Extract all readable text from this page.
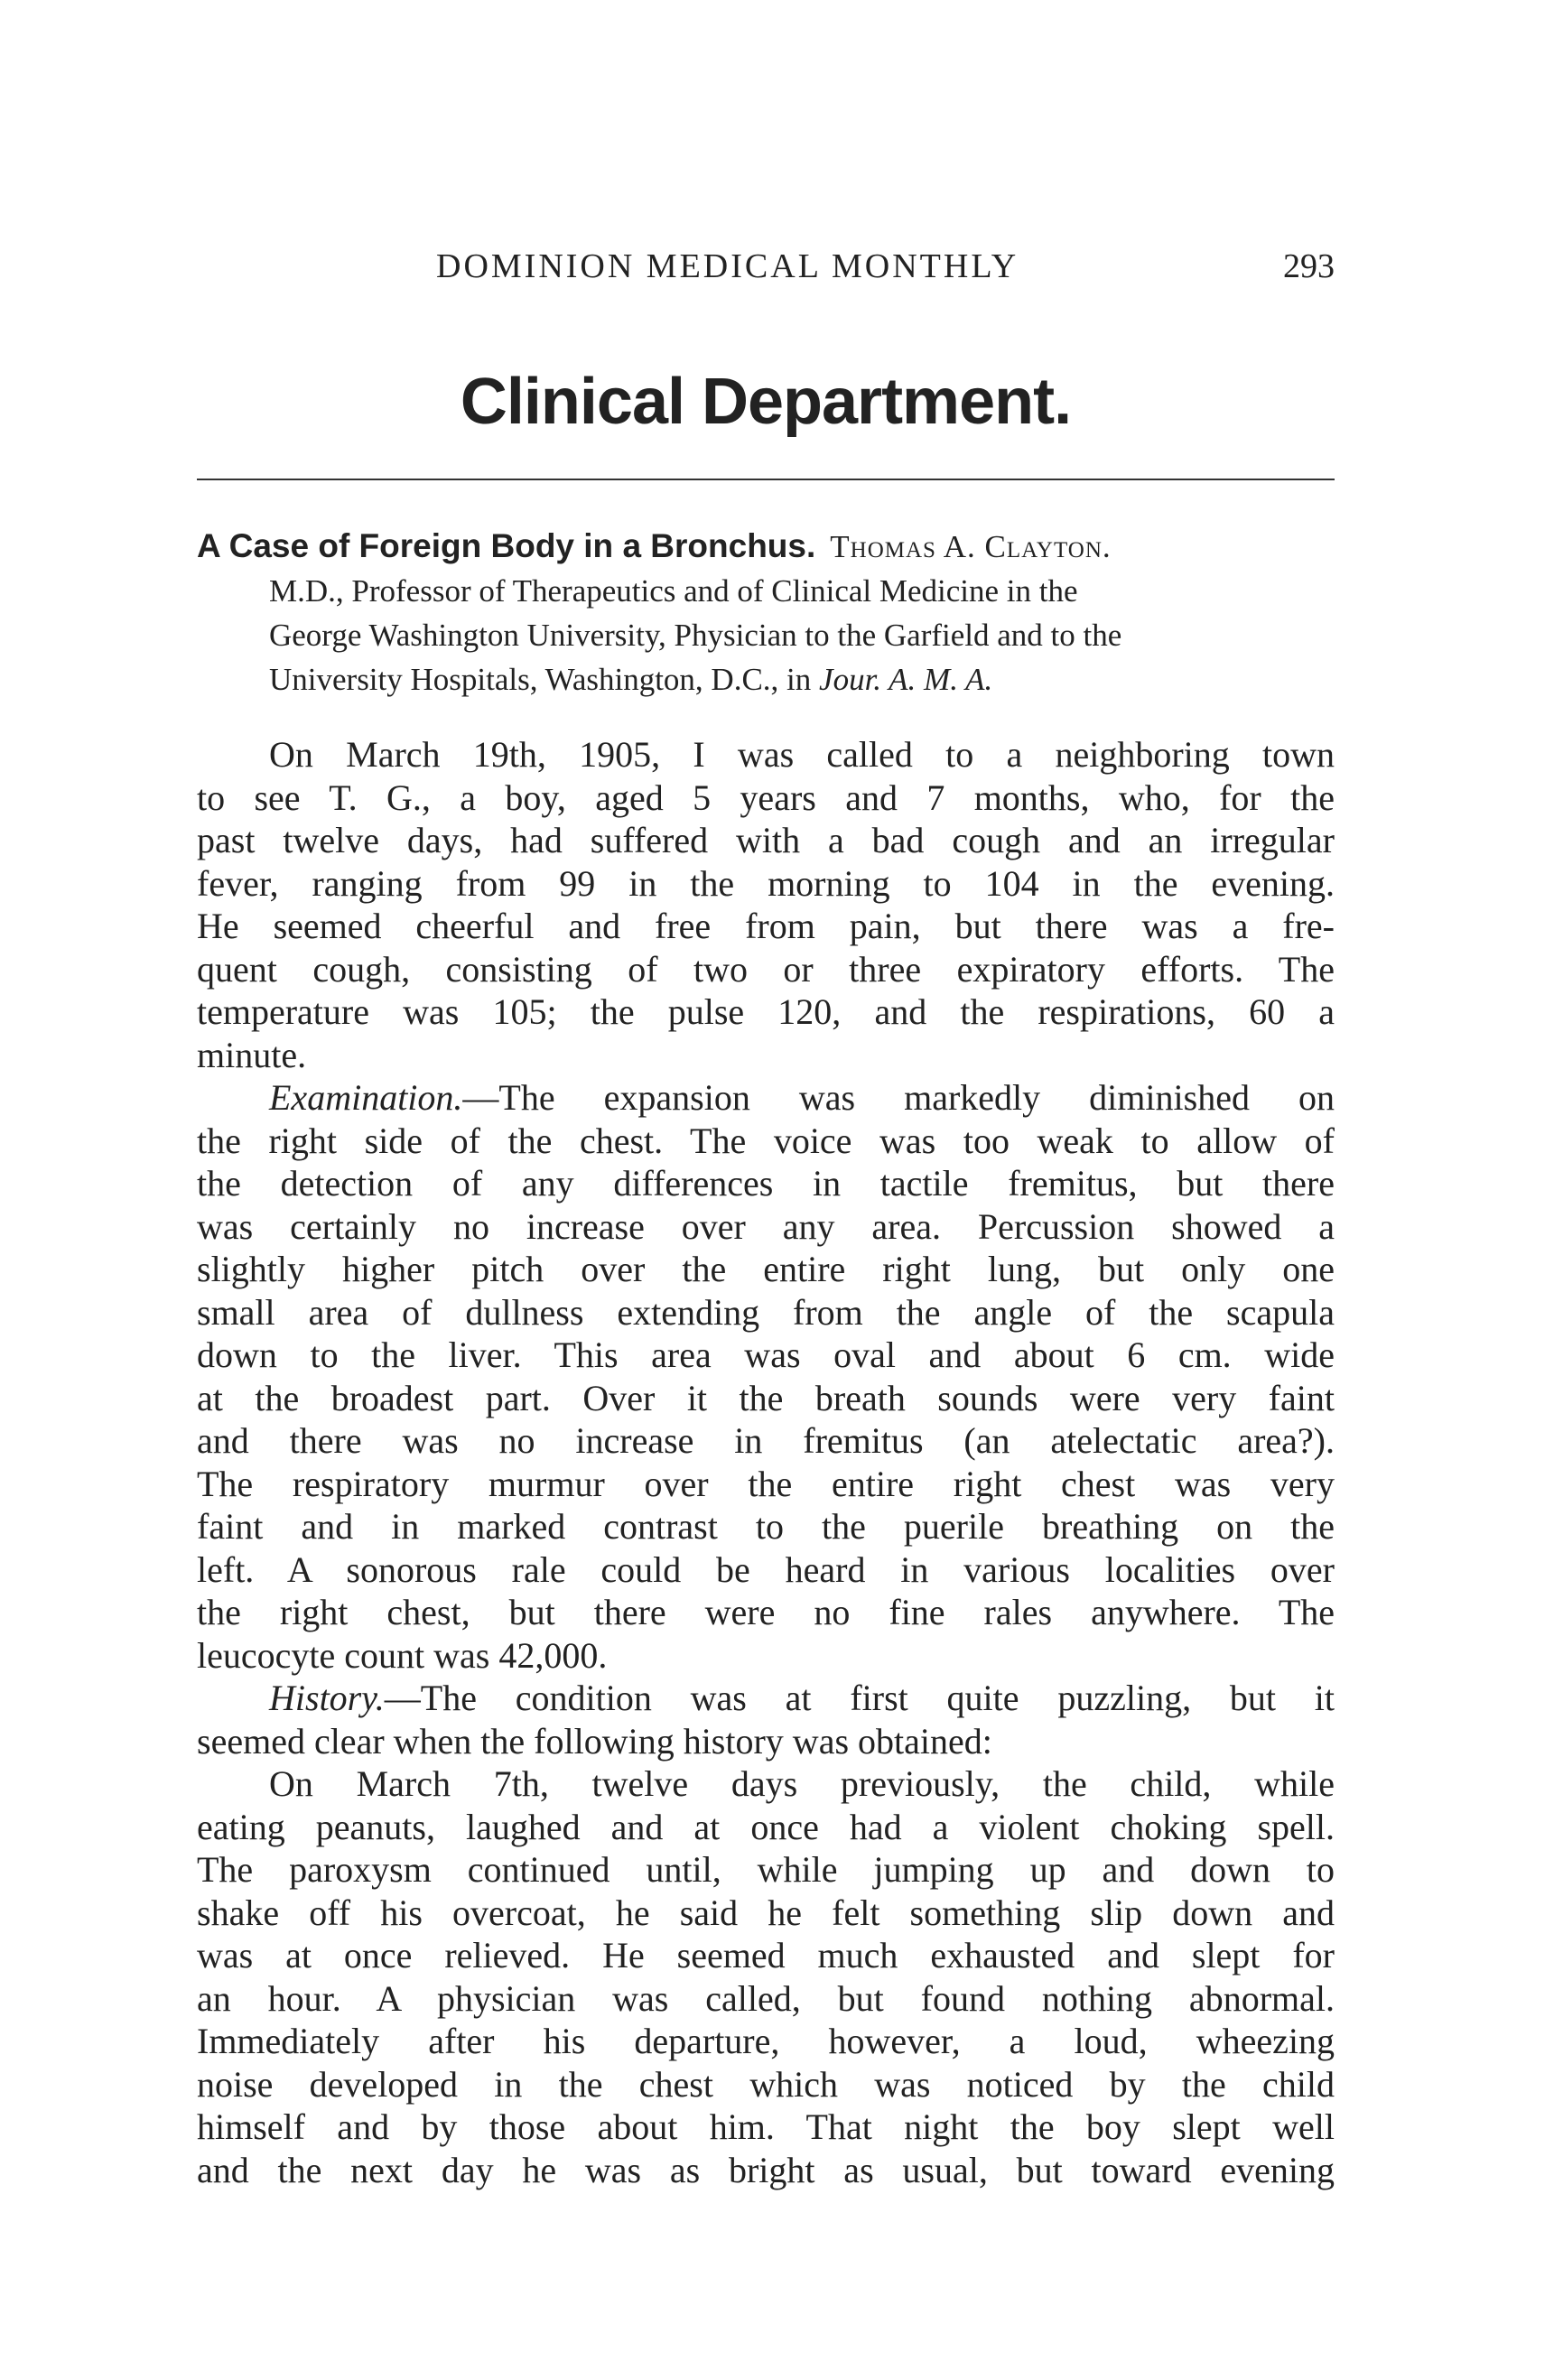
DOMINION MEDICAL MONTHLY	293
Clinical Department.
A Case of Foreign Body in a Bronchus. Thomas A. Clayton.
M.D., Professor of Therapeutics and of Clinical Medicine in the
George Washington University, Physician to the Garfield and to the
University Hospitals, Washington, D.C., in Jour. A. M. A.
On March 19th, 1905, I was called to a neighboring town
to see T. G., a boy, aged 5 years and 7 months, who, for the
past twelve days, had suffered with a bad cough and an irregular
fever, ranging from 99 in the morning to 104 in the evening.
He seemed cheerful and free from pain, but there was a fre-
quent cough, consisting of two or three expiratory efforts. The
temperature was 105; the pulse 120, and the respirations, 60 a
minute.
Examination.—The expansion was markedly diminished on
the right side of the chest. The voice was too weak to allow of
the detection of any differences in tactile fremitus, but there
was certainly no increase over any area. Percussion showed a
slightly higher pitch over the entire right lung, but only one
small area of dullness extending from the angle of the scapula
down to the liver. This area was oval and about 6 cm. wide
at the broadest part. Over it the breath sounds were very faint
and there was no increase in fremitus (an atelectatic area?).
The respiratory murmur over the entire right chest was very
faint and in marked contrast to the puerile breathing on the
left. A sonorous rale could be heard in various localities over
the right chest, but there were no fine rales anywhere. The
leucocyte count was 42,000.
History.—The condition was at first quite puzzling, but it
seemed clear when the following history was obtained:
On March 7th, twelve days previously, the child, while
eating peanuts, laughed and at once had a violent choking spell.
The paroxysm continued until, while jumping up and down to
shake off his overcoat, he said he felt something slip down and
was at once relieved. He seemed much exhausted and slept for
an hour. A physician was called, but found nothing abnormal.
Immediately after his departure, however, a loud, wheezing
noise developed in the chest which was noticed by the child
himself and by those about him. That night the boy slept well
and the next day he was as bright as usual, but toward evening
